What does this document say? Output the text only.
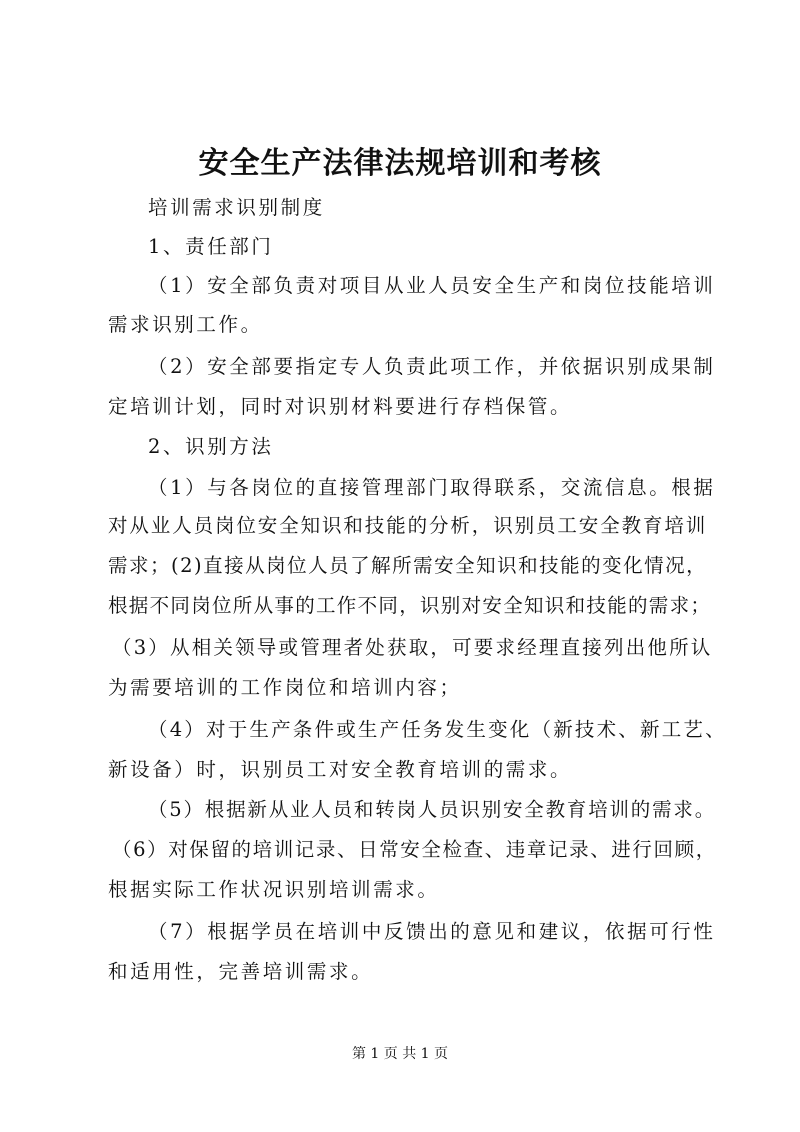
安全生产法律法规培训和考核
培训需求识别制度
1、责任部门
（1）安全部负责对项目从业人员安全生产和岗位技能培训
需求识别工作。
（2）安全部要指定专人负责此项工作，并依据识别成果制
定培训计划，同时对识别材料要进行存档保管。
2、识别方法
（1）与各岗位的直接管理部门取得联系，交流信息。根据
对从业人员岗位安全知识和技能的分析，识别员工安全教育培训
需求；(2)直接从岗位人员了解所需安全知识和技能的变化情况，
根据不同岗位所从事的工作不同，识别对安全知识和技能的需求；
（3）从相关领导或管理者处获取，可要求经理直接列出他所认
为需要培训的工作岗位和培训内容；
（4）对于生产条件或生产任务发生变化（新技术、新工艺、
新设备）时，识别员工对安全教育培训的需求。
（5）根据新从业人员和转岗人员识别安全教育培训的需求。
（6）对保留的培训记录、日常安全检查、违章记录、进行回顾，
根据实际工作状况识别培训需求。
（7）根据学员在培训中反馈出的意见和建议，依据可行性
和适用性，完善培训需求。
第 1 页 共 1 页
